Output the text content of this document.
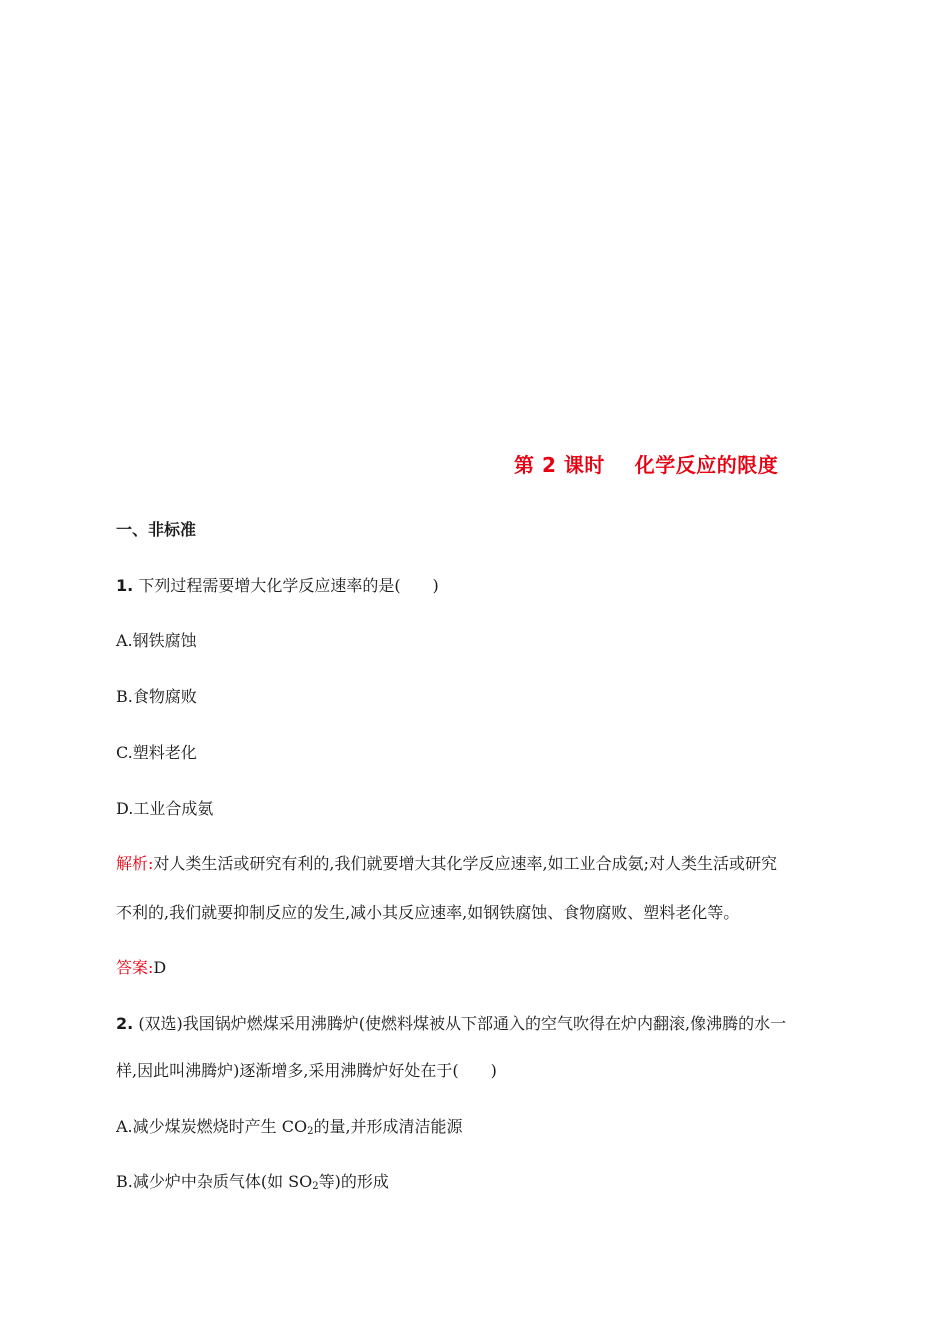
第 2 课时    化学反应的限度
一、非标准
1. 下列过程需要增大化学反应速率的是(　　)
A.钢铁腐蚀
B.食物腐败
C.塑料老化
D.工业合成氨
解析:对人类生活或研究有利的,我们就要增大其化学反应速率,如工业合成氨;对人类生活或研究
不利的,我们就要抑制反应的发生,减小其反应速率,如钢铁腐蚀、食物腐败、塑料老化等。
答案:D
2. (双选)我国锅炉燃煤采用沸腾炉(使燃料煤被从下部通入的空气吹得在炉内翻滚,像沸腾的水一
样,因此叫沸腾炉)逐渐增多,采用沸腾炉好处在于(　　)
A.减少煤炭燃烧时产生 $CO_2$的量,并形成清洁能源
B.减少炉中杂质气体(如 $SO_2$等)的形成
